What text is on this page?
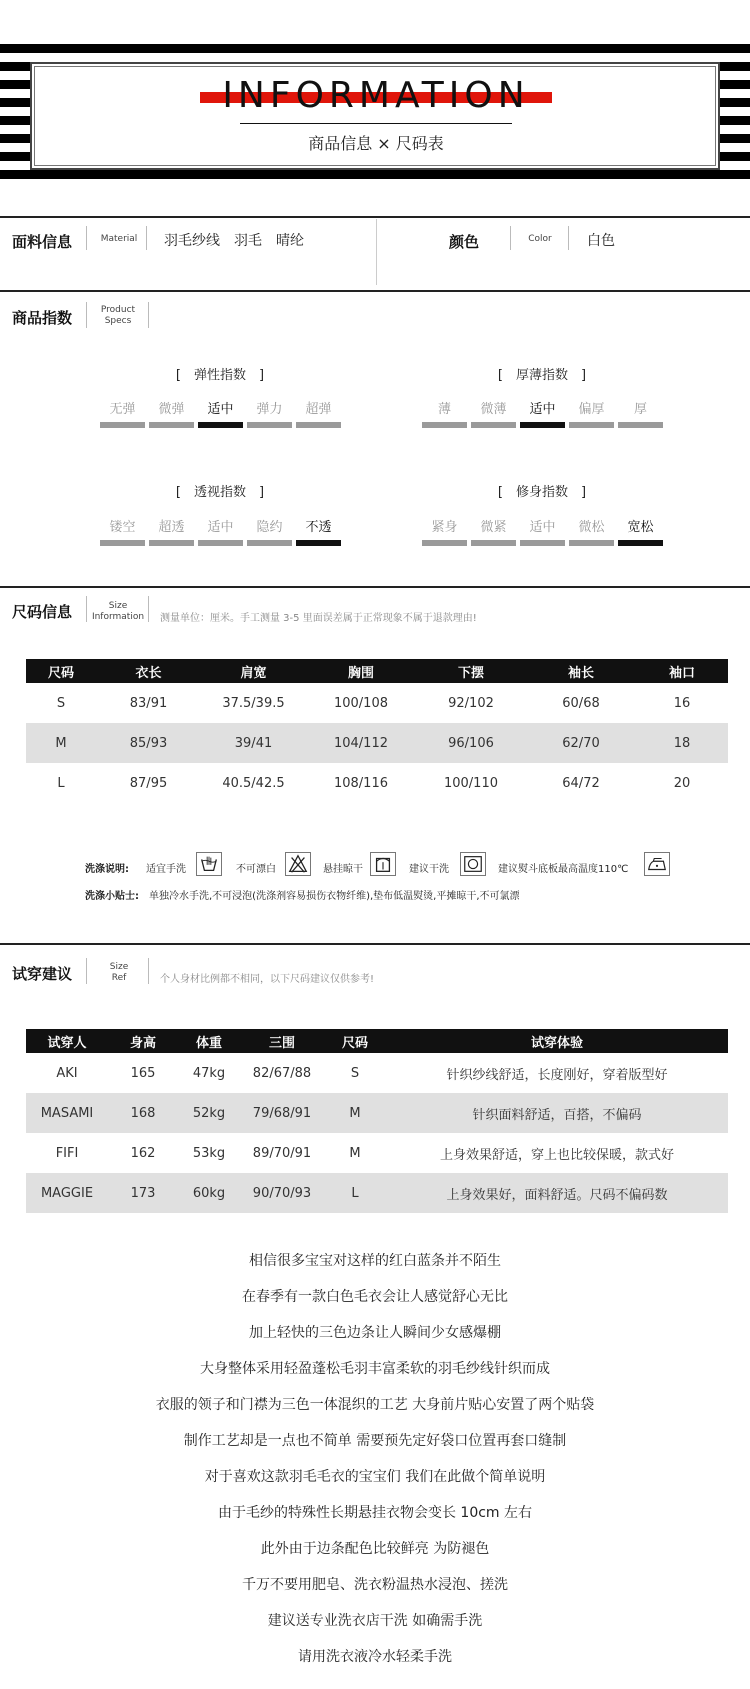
INFORMATION
商品信息 × 尺码表
面料信息	Material	羽毛纱线　羽毛　晴纶	颜色	Color	白色
商品指数	Product
Specs
[　弹性指数　]
无弹	微弹	适中	弹力	超弹
[　厚薄指数　]
薄	微薄	适中	偏厚	厚
[　透视指数　]
镂空	超透	适中	隐约	不透
[　修身指数　]
紧身	微紧	适中	微松	宽松
尺码信息	Size
Information 测量单位：厘米。手工测量 3-5 里面误差属于正常现象不属于退款理由!
尺码	衣长	肩宽	胸围	下摆	袖长	袖口
S	83/91	37.5/39.5	100/108	92/102	60/68	16
M	85/93	39/41	104/112	96/106	62/70	18
L	87/95	40.5/42.5	108/116	100/110	64/72	20
洗涤说明: 适宜手洗	不可漂白	悬挂晾干	建议干洗	建议熨斗底板最高温度110℃
洗涤小贴士: 单独冷水手洗,不可浸泡(洗涤剂容易损伤衣物纤维),垫布低温熨烫,平摊晾干,不可氯漂
试穿建议	Size
Ref	个人身材比例都不相同，以下尺码建议仅供参考!
试穿人	身高	体重	三围	尺码	试穿体验
AKI	165	47kg	82/67/88	S	针织纱线舒适，长度刚好，穿着版型好
MASAMI	168	52kg	79/68/91	M	针织面料舒适，百搭，不偏码
FIFI	162	53kg	89/70/91	M	上身效果舒适，穿上也比较保暖，款式好
MAGGIE	173	60kg	90/70/93	L	上身效果好，面料舒适。尺码不偏码数
相信很多宝宝对这样的红白蓝条并不陌生
在春季有一款白色毛衣会让人感觉舒心无比
加上轻快的三色边条让人瞬间少女感爆棚
大身整体采用轻盈蓬松毛羽丰富柔软的羽毛纱线针织而成
衣服的领子和门襟为三色一体混织的工艺 大身前片贴心安置了两个贴袋
制作工艺却是一点也不简单 需要预先定好袋口位置再套口缝制
对于喜欢这款羽毛毛衣的宝宝们 我们在此做个简单说明
由于毛纱的特殊性长期悬挂衣物会变长 10cm 左右
此外由于边条配色比较鲜亮 为防褪色
千万不要用肥皂、洗衣粉温热水浸泡、搓洗
建议送专业洗衣店干洗 如确需手洗
请用洗衣液冷水轻柔手洗
